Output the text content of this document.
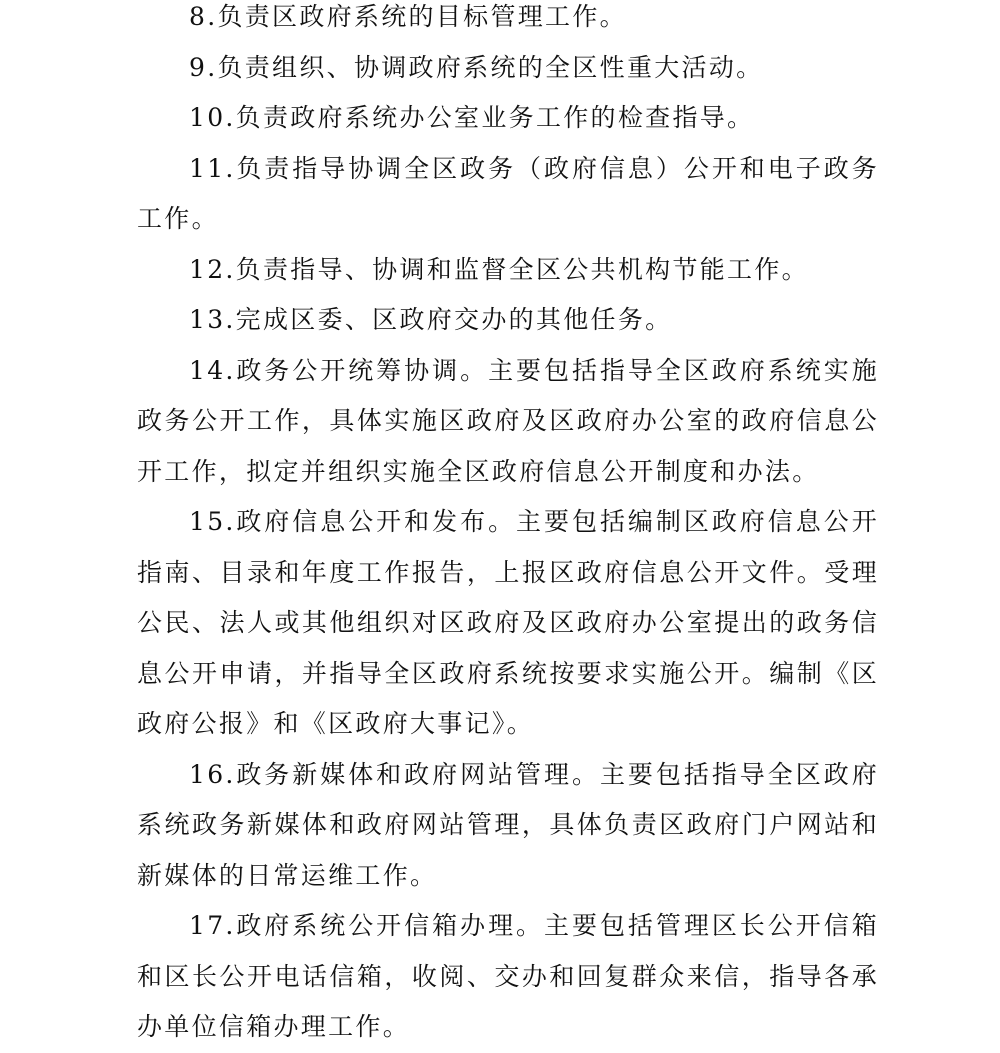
8.负责区政府系统的目标管理工作。

9.负责组织、协调政府系统的全区性重大活动。

10.负责政府系统办公室业务工作的检查指导。

11.负责指导协调全区政务（政府信息）公开和电子政务工作。

12.负责指导、协调和监督全区公共机构节能工作。

13.完成区委、区政府交办的其他任务。

14.政务公开统筹协调。主要包括指导全区政府系统实施政务公开工作，具体实施区政府及区政府办公室的政府信息公开工作，拟定并组织实施全区政府信息公开制度和办法。

15.政府信息公开和发布。主要包括编制区政府信息公开指南、目录和年度工作报告，上报区政府信息公开文件。受理公民、法人或其他组织对区政府及区政府办公室提出的政务信息公开申请，并指导全区政府系统按要求实施公开。编制《区政府公报》和《区政府大事记》。

16.政务新媒体和政府网站管理。主要包括指导全区政府系统政务新媒体和政府网站管理，具体负责区政府门户网站和新媒体的日常运维工作。

17.政府系统公开信箱办理。主要包括管理区长公开信箱和区长公开电话信箱，收阅、交办和回复群众来信，指导各承办单位信箱办理工作。
